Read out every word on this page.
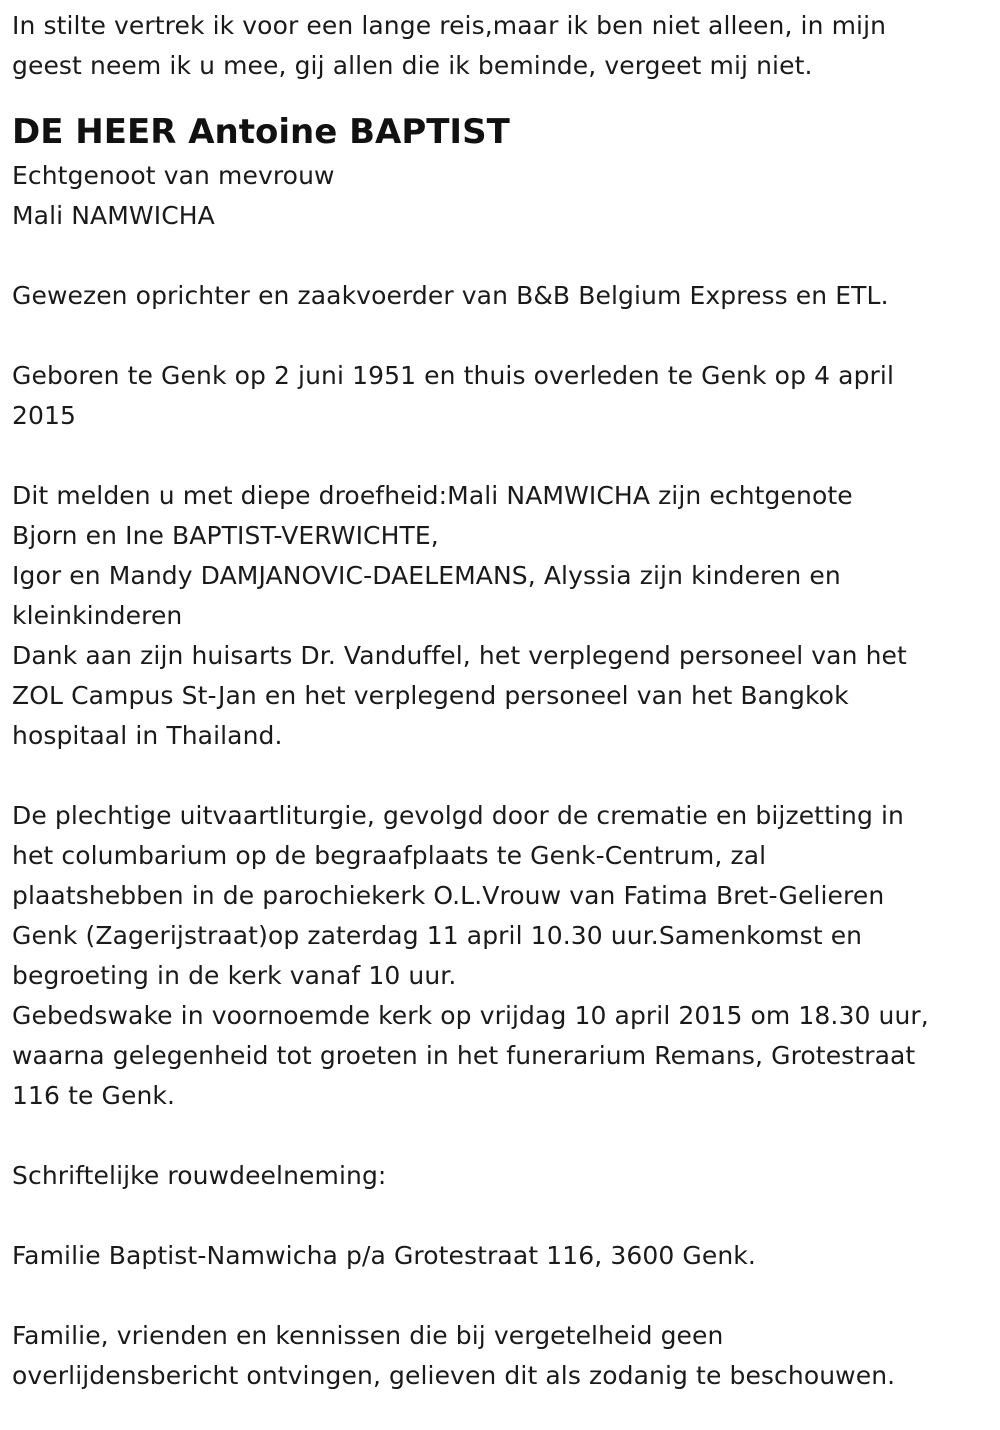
In stilte vertrek ik voor een lange reis,maar ik ben niet alleen, in mijn
geest neem ik u mee, gij allen die ik beminde, vergeet mij niet.
DE HEER Antoine BAPTIST
Echtgenoot van mevrouw
Mali NAMWICHA
Gewezen oprichter en zaakvoerder van B&B Belgium Express en ETL.
Geboren te Genk op 2 juni 1951 en thuis overleden te Genk op 4 april
2015
Dit melden u met diepe droefheid:Mali NAMWICHA zijn echtgenote
Bjorn en Ine BAPTIST-VERWICHTE,
Igor en Mandy DAMJANOVIC-DAELEMANS, Alyssia zijn kinderen en
kleinkinderen
Dank aan zijn huisarts Dr. Vanduffel, het verplegend personeel van het
ZOL Campus St-Jan en het verplegend personeel van het Bangkok
hospitaal in Thailand.
De plechtige uitvaartliturgie, gevolgd door de crematie en bijzetting in
het columbarium op de begraafplaats te Genk-Centrum, zal
plaatshebben in de parochiekerk O.L.Vrouw van Fatima Bret-Gelieren
Genk (Zagerijstraat)op zaterdag 11 april 10.30 uur.Samenkomst en
begroeting in de kerk vanaf 10 uur.
Gebedswake in voornoemde kerk op vrijdag 10 april 2015 om 18.30 uur,
waarna gelegenheid tot groeten in het funerarium Remans, Grotestraat
116 te Genk.
Schriftelijke rouwdeelneming:
Familie Baptist-Namwicha p/a Grotestraat 116, 3600 Genk.
Familie, vrienden en kennissen die bij vergetelheid geen
overlijdensbericht ontvingen, gelieven dit als zodanig te beschouwen.
